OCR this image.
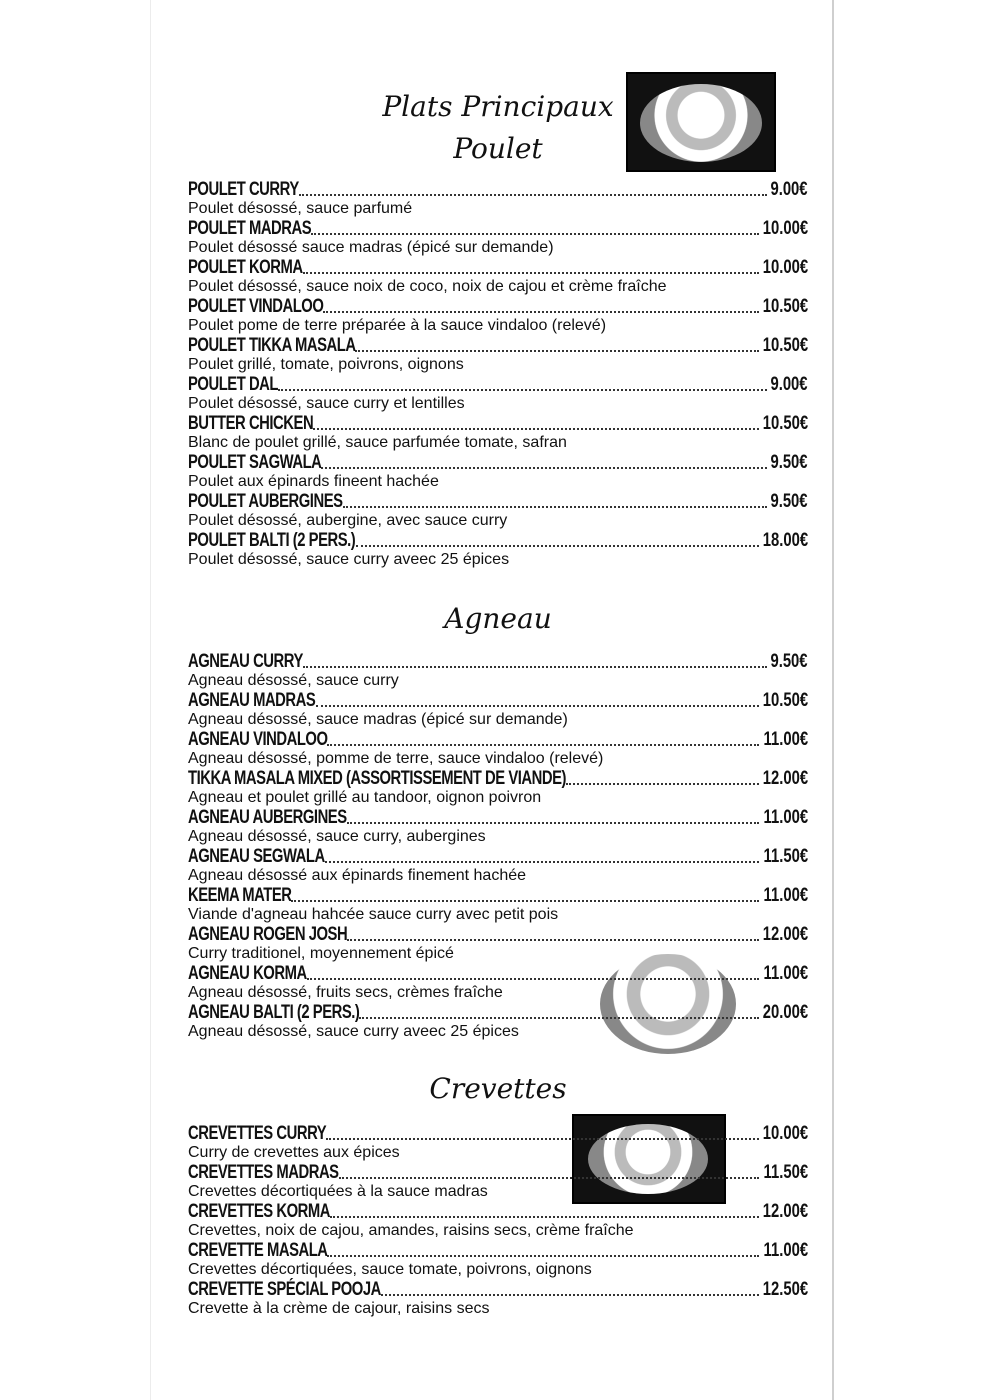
Plats Principaux
Poulet
POULET CURRY	9.00€
Poulet désossé, sauce parfumé
POULET MADRAS	10.00€
Poulet désossé sauce madras (épicé sur demande)
POULET KORMA	10.00€
Poulet désossé, sauce noix de coco, noix de cajou et crème fraîche
POULET VINDALOO	10.50€
Poulet pome de terre préparée à la sauce vindaloo (relevé)
POULET TIKKA MASALA	10.50€
Poulet grillé, tomate, poivrons, oignons
POULET DAL	9.00€
Poulet désossé, sauce curry et lentilles
BUTTER CHICKEN	10.50€
Blanc de poulet grillé, sauce parfumée tomate, safran
POULET SAGWALA	9.50€
Poulet aux épinards fineent hachée
POULET AUBERGINES	9.50€
Poulet désossé, aubergine, avec sauce curry
POULET BALTI (2 PERS.)	18.00€
Poulet désossé, sauce curry aveec 25 épices
Agneau
AGNEAU CURRY	9.50€
Agneau désossé, sauce curry
AGNEAU MADRAS	10.50€
Agneau désossé, sauce madras (épicé sur demande)
AGNEAU VINDALOO	11.00€
Agneau désossé, pomme de terre, sauce vindaloo (relevé)
TIKKA MASALA MIXED (ASSORTISSEMENT DE VIANDE)	12.00€
Agneau et poulet grillé au tandoor, oignon poivron
AGNEAU AUBERGINES	11.00€
Agneau désossé, sauce curry, aubergines
AGNEAU SEGWALA	11.50€
Agneau désossé aux épinards finement hachée
KEEMA MATER	11.00€
Viande d'agneau hahcée sauce curry avec petit pois
AGNEAU ROGEN JOSH	12.00€
Curry traditionel, moyennement épicé
AGNEAU KORMA	11.00€
Agneau désossé, fruits secs, crèmes fraîche
AGNEAU BALTI (2 PERS.)	20.00€
Agneau désossé, sauce curry aveec 25 épices
Crevettes
CREVETTES CURRY	10.00€
Curry de crevettes aux épices
CREVETTES MADRAS	11.50€
Crevettes décortiquées à la sauce madras
CREVETTES KORMA	12.00€
Crevettes, noix de cajou, amandes, raisins secs, crème fraîche
CREVETTE MASALA	11.00€
Crevettes décortiquées, sauce tomate, poivrons, oignons
CREVETTE SPÉCIAL POOJA	12.50€
Crevette à la crème de cajour, raisins secs
